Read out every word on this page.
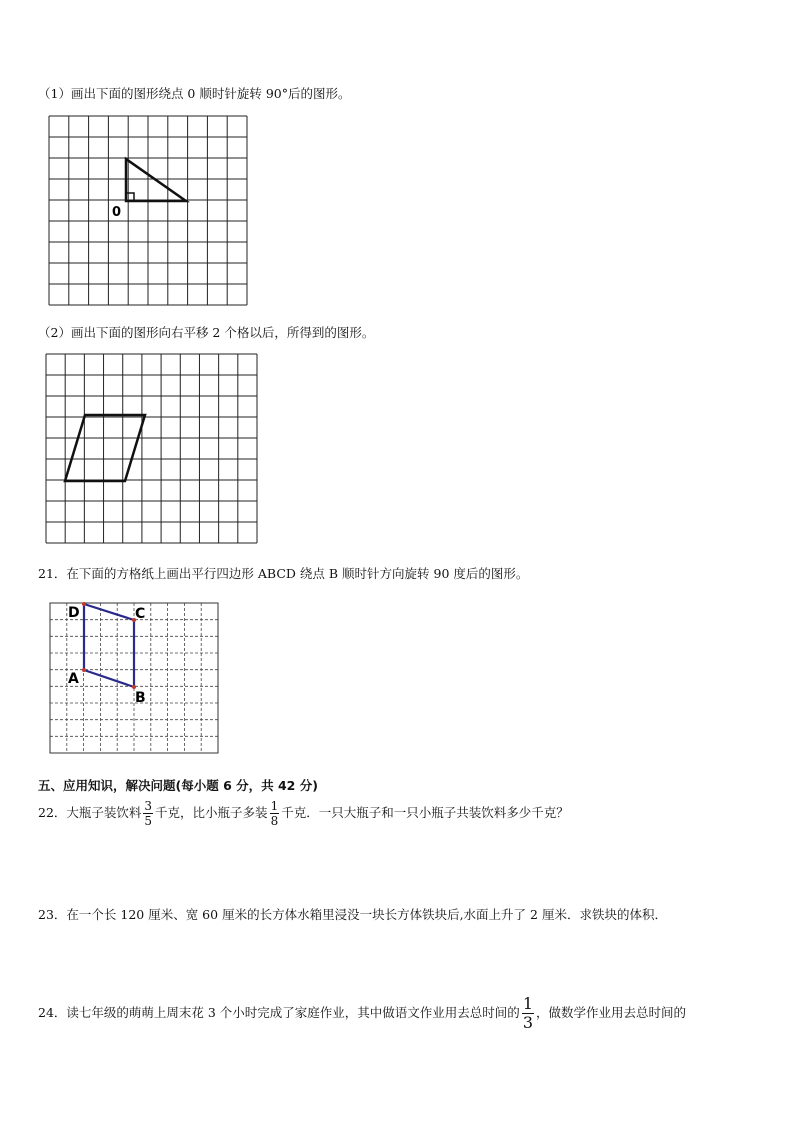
（1）画出下面的图形绕点 0 顺时针旋转 90°后的图形。
0
（2）画出下面的图形向右平移 2 个格以后，所得到的图形。
21．在下面的方格纸上画出平行四边形 ABCD 绕点 B 顺时针方向旋转 90 度后的图形。
D	C
A
B
五、应用知识，解决问题(每小题 6 分，共 42 分)
22．大瓶子装饮料 $\frac{3}{5}$ 千克，比小瓶子多装 $\frac{1}{8}$ 千克．一只大瓶子和一只小瓶子共装饮料多少千克？
23．在一个长 120 厘米、宽 60 厘米的长方体水箱里浸没一块长方体铁块后,水面上升了 2 厘米．求铁块的体积．
24．读七年级的萌萌上周末花 3 个小时完成了家庭作业，其中做语文作业用去总时间的 $\frac{1}{3}$ ，做数学作业用去总时间的
